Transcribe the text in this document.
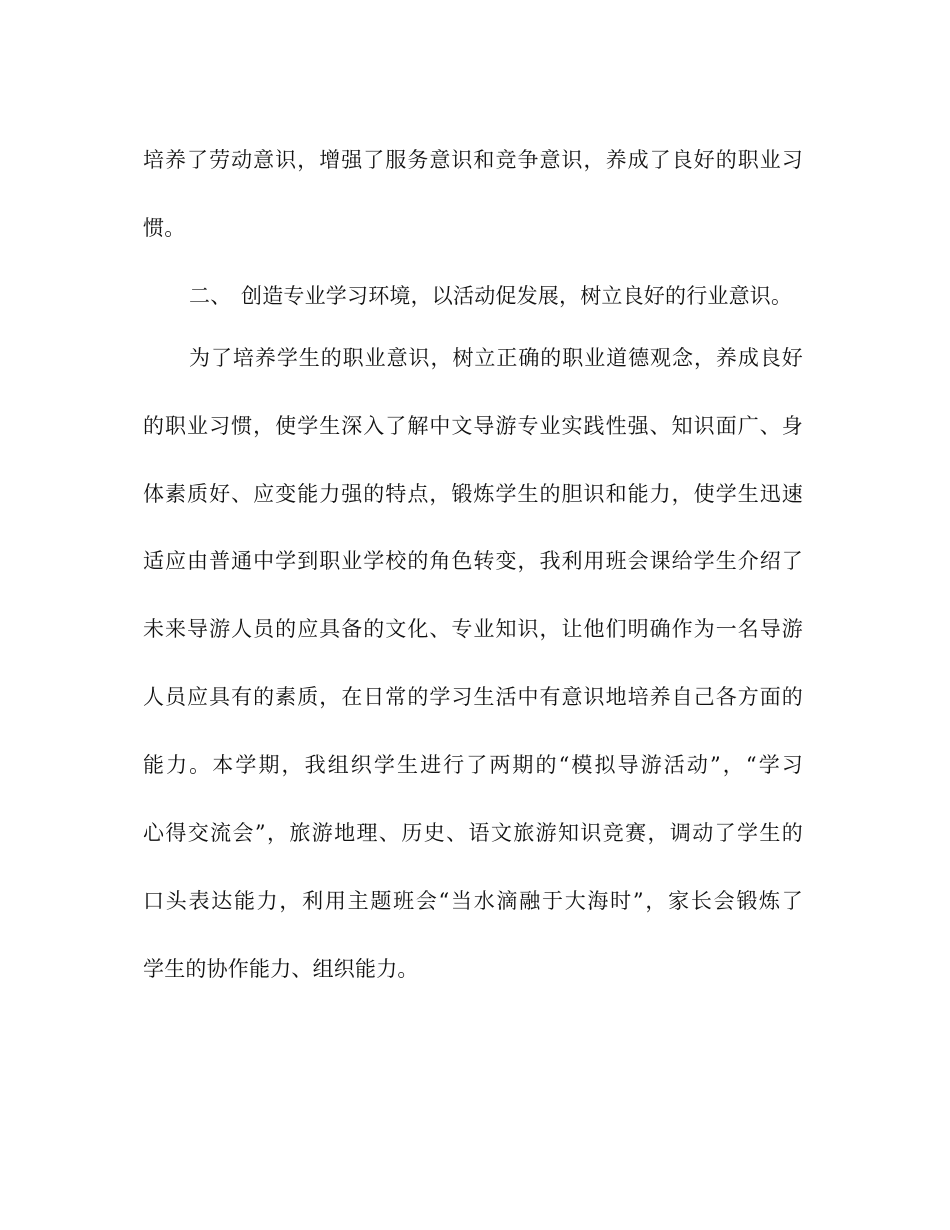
培养了劳动意识，增强了服务意识和竞争意识，养成了良好的职业习
惯。
二、 创造专业学习环境，以活动促发展，树立良好的行业意识。
为了培养学生的职业意识，树立正确的职业道德观念，养成良好
的职业习惯，使学生深入了解中文导游专业实践性强、知识面广、身
体素质好、应变能力强的特点，锻炼学生的胆识和能力，使学生迅速
适应由普通中学到职业学校的角色转变，我利用班会课给学生介绍了
未来导游人员的应具备的文化、专业知识，让他们明确作为一名导游
人员应具有的素质，在日常的学习生活中有意识地培养自己各方面的
能力。本学期，我组织学生进行了两期的“模拟导游活动”，“学习
心得交流会”，旅游地理、历史、语文旅游知识竞赛，调动了学生的
口头表达能力，利用主题班会“当水滴融于大海时”，家长会锻炼了
学生的协作能力、组织能力。
